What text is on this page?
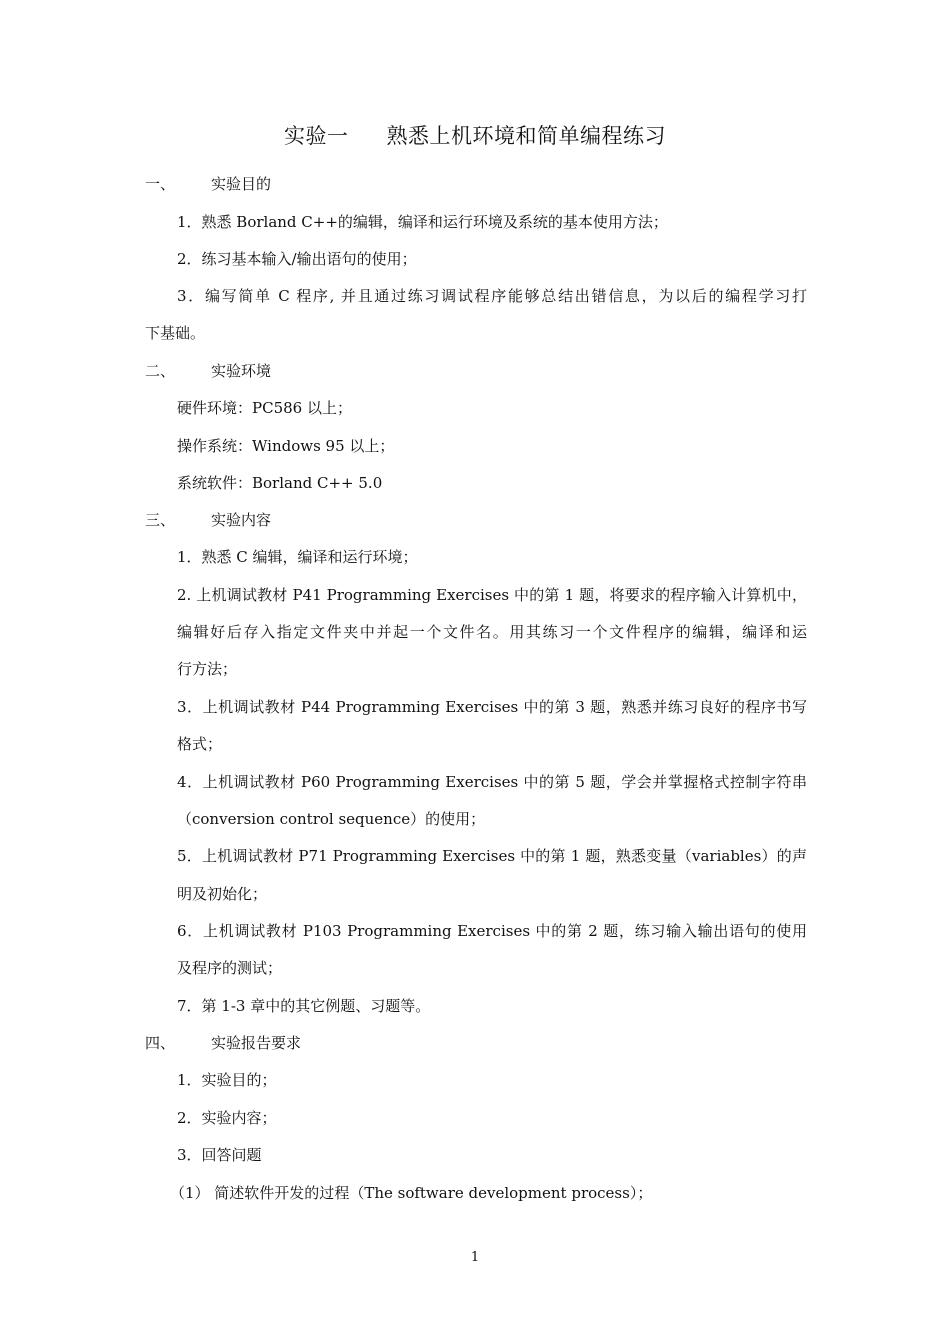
实验一 熟悉上机环境和简单编程练习
一、 实验目的
1．熟悉 Borland C++的编辑，编译和运行环境及系统的基本使用方法；
2．练习基本输入/输出语句的使用；
3．编写简单 C 程序, 并且通过练习调试程序能够总结出错信息，为以后的编程学习打
下基础。
二、 实验环境
硬件环境：PC586 以上；
操作系统：Windows 95 以上；
系统软件：Borland C++ 5.0
三、 实验内容
1．熟悉 C 编辑，编译和运行环境；
2. 上机调试教材 P41 Programming Exercises 中的第 1 题，将要求的程序输入计算机中，
编辑好后存入指定文件夹中并起一个文件名。用其练习一个文件程序的编辑，编译和运
行方法；
3．上机调试教材 P44 Programming Exercises 中的第 3 题，熟悉并练习良好的程序书写
格式；
4．上机调试教材 P60 Programming Exercises 中的第 5 题，学会并掌握格式控制字符串
（conversion control sequence）的使用；
5．上机调试教材 P71 Programming Exercises 中的第 1 题，熟悉变量（variables）的声
明及初始化；
6．上机调试教材 P103 Programming Exercises 中的第 2 题，练习输入输出语句的使用
及程序的测试；
7．第 1-3 章中的其它例题、习题等。
四、 实验报告要求
1．实验目的；
2．实验内容；
3．回答问题
（1） 简述软件开发的过程（The software development process）；
1
